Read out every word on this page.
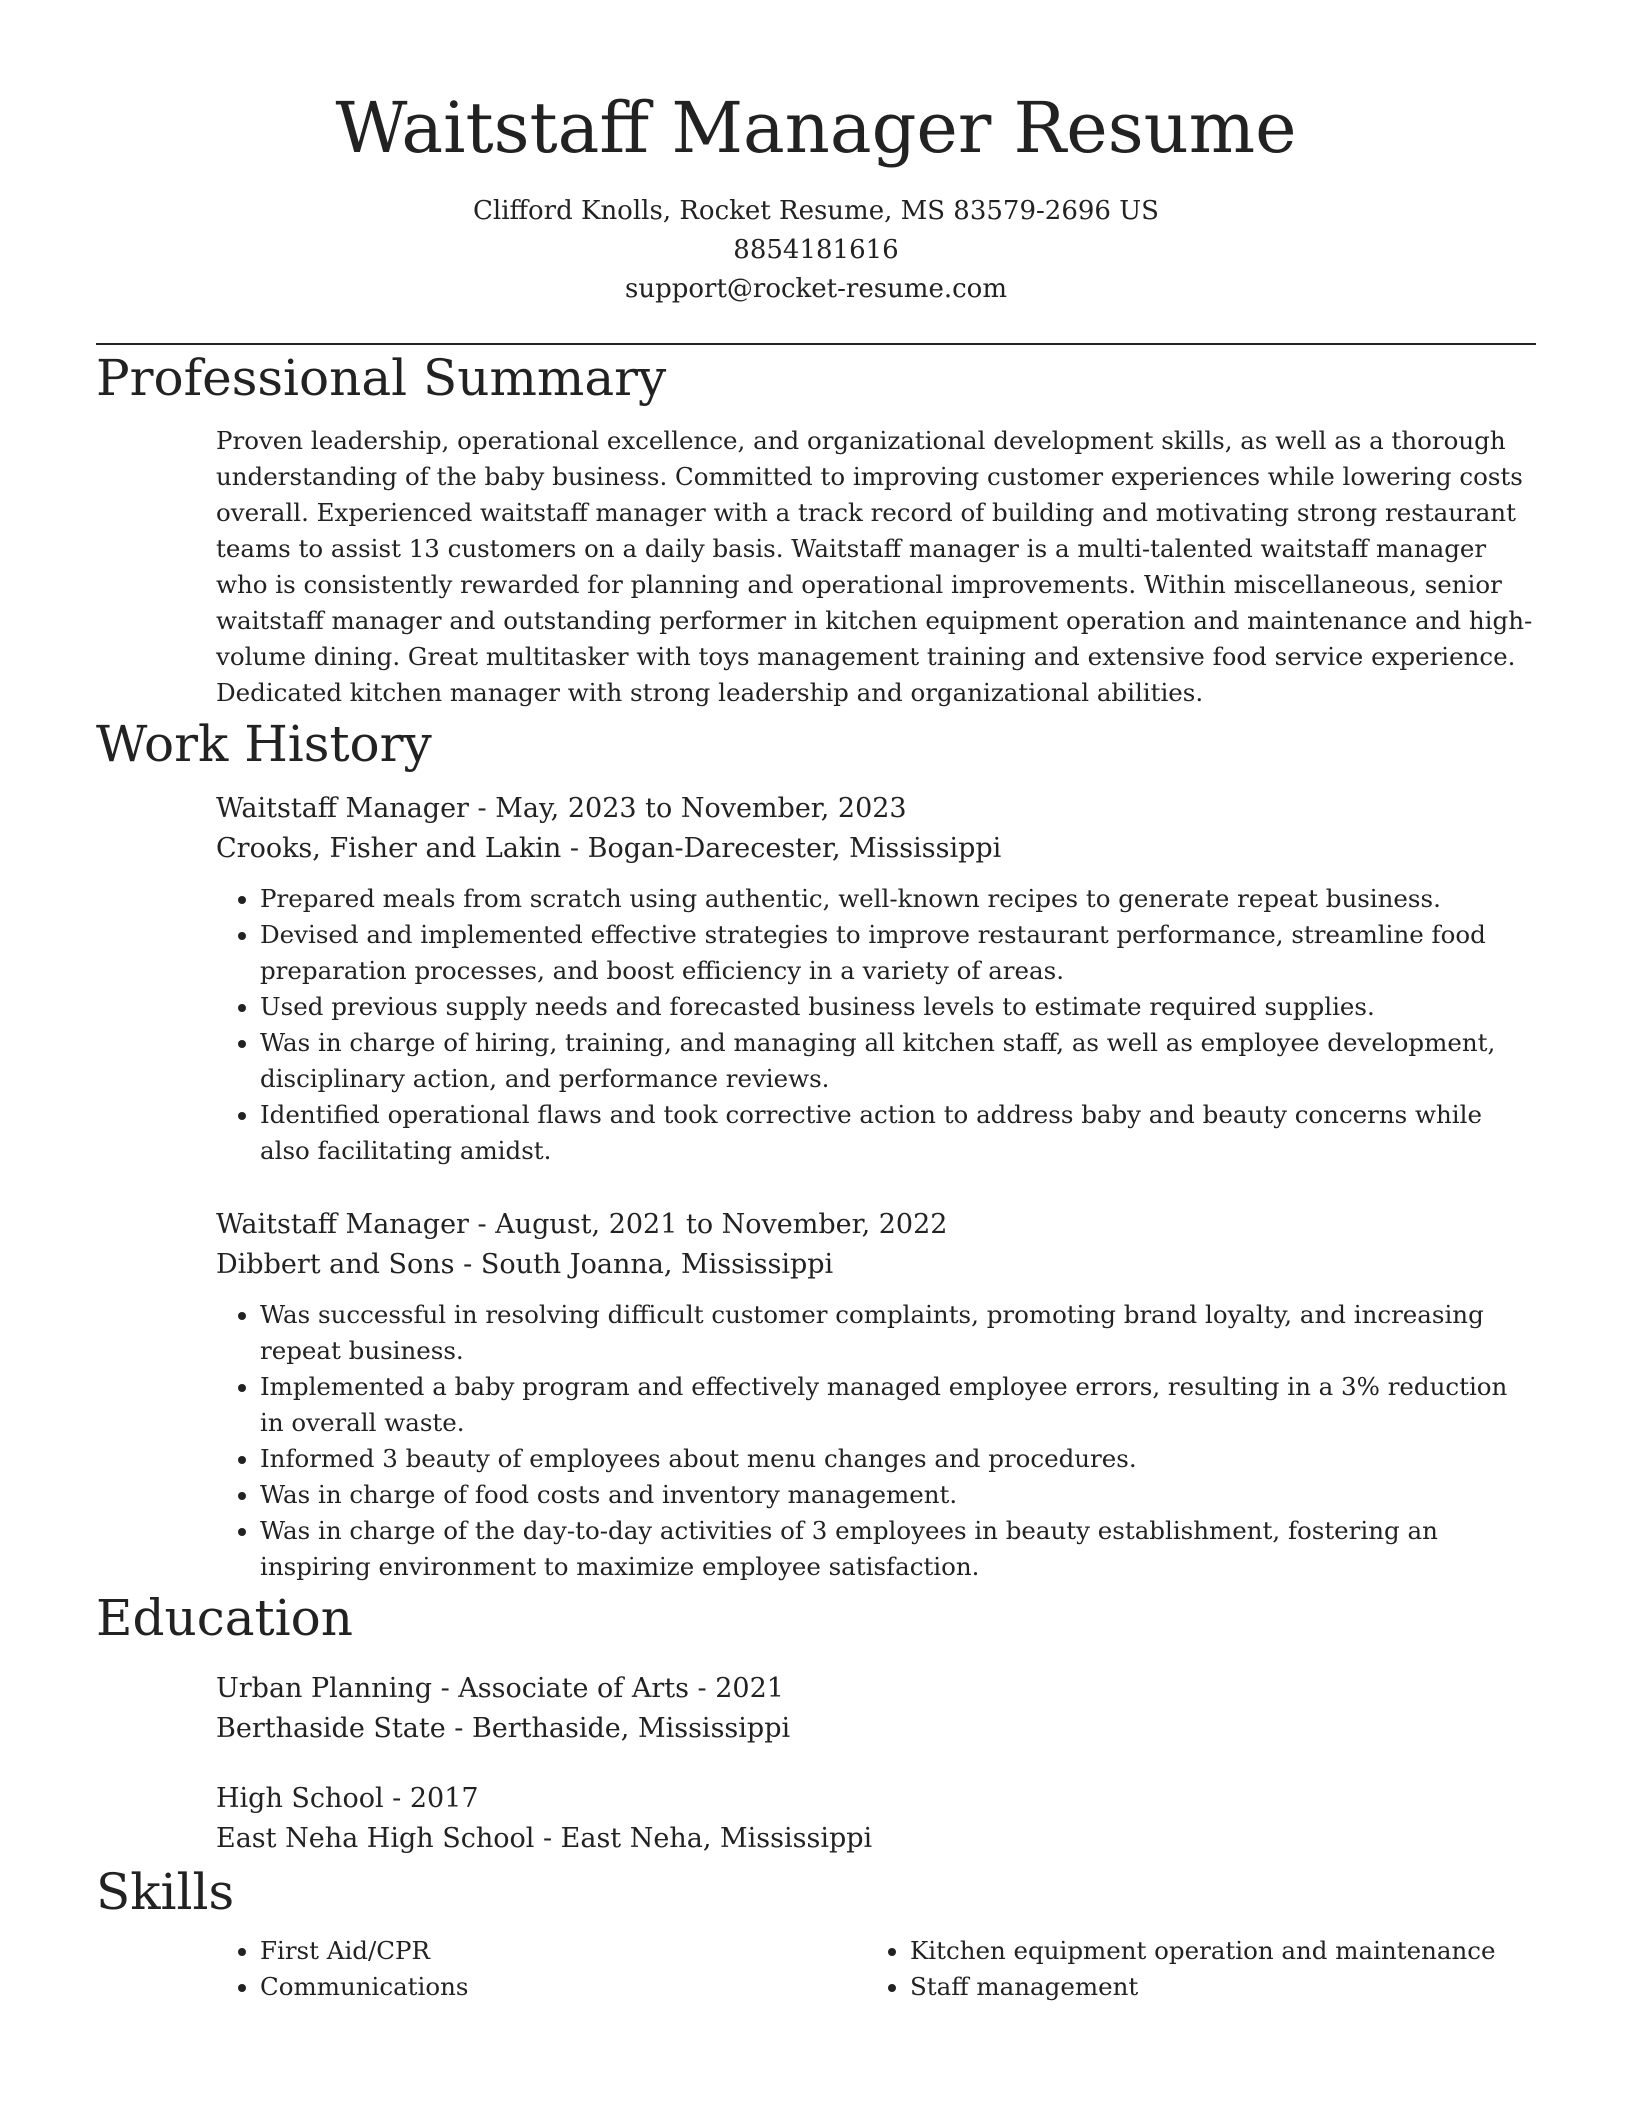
Waitstaff Manager Resume
Clifford Knolls, Rocket Resume, MS 83579-2696 US
8854181616
support@rocket-resume.com
Professional Summary

Proven leadership, operational excellence, and organizational development skills, as well as a thorough understanding of the baby business. Committed to improving customer experiences while lowering costs overall. Experienced waitstaff manager with a track record of building and motivating strong restaurant teams to assist 13 customers on a daily basis. Waitstaff manager is a multi-talented waitstaff manager who is consistently rewarded for planning and operational improvements. Within miscellaneous, senior waitstaff manager and outstanding performer in kitchen equipment operation and maintenance and high-volume dining. Great multitasker with toys management training and extensive food service experience. Dedicated kitchen manager with strong leadership and organizational abilities.

Work History
Waitstaff Manager - May, 2023 to November, 2023
Crooks, Fisher and Lakin - Bogan-Darecester, Mississippi
• Prepared meals from scratch using authentic, well-known recipes to generate repeat business.
• Devised and implemented effective strategies to improve restaurant performance, streamline food preparation processes, and boost efficiency in a variety of areas.
• Used previous supply needs and forecasted business levels to estimate required supplies.
• Was in charge of hiring, training, and managing all kitchen staff, as well as employee development, disciplinary action, and performance reviews.
• Identified operational flaws and took corrective action to address baby and beauty concerns while also facilitating amidst.
Waitstaff Manager - August, 2021 to November, 2022
Dibbert and Sons - South Joanna, Mississippi
• Was successful in resolving difficult customer complaints, promoting brand loyalty, and increasing repeat business.
• Implemented a baby program and effectively managed employee errors, resulting in a 3% reduction in overall waste.
• Informed 3 beauty of employees about menu changes and procedures.
• Was in charge of food costs and inventory management.
• Was in charge of the day-to-day activities of 3 employees in beauty establishment, fostering an inspiring environment to maximize employee satisfaction.
Education
Urban Planning - Associate of Arts - 2021
Berthaside State - Berthaside, Mississippi
High School - 2017
East Neha High School - East Neha, Mississippi
Skills
• First Aid/CPR
• Communications
• Kitchen equipment operation and maintenance
• Staff management
